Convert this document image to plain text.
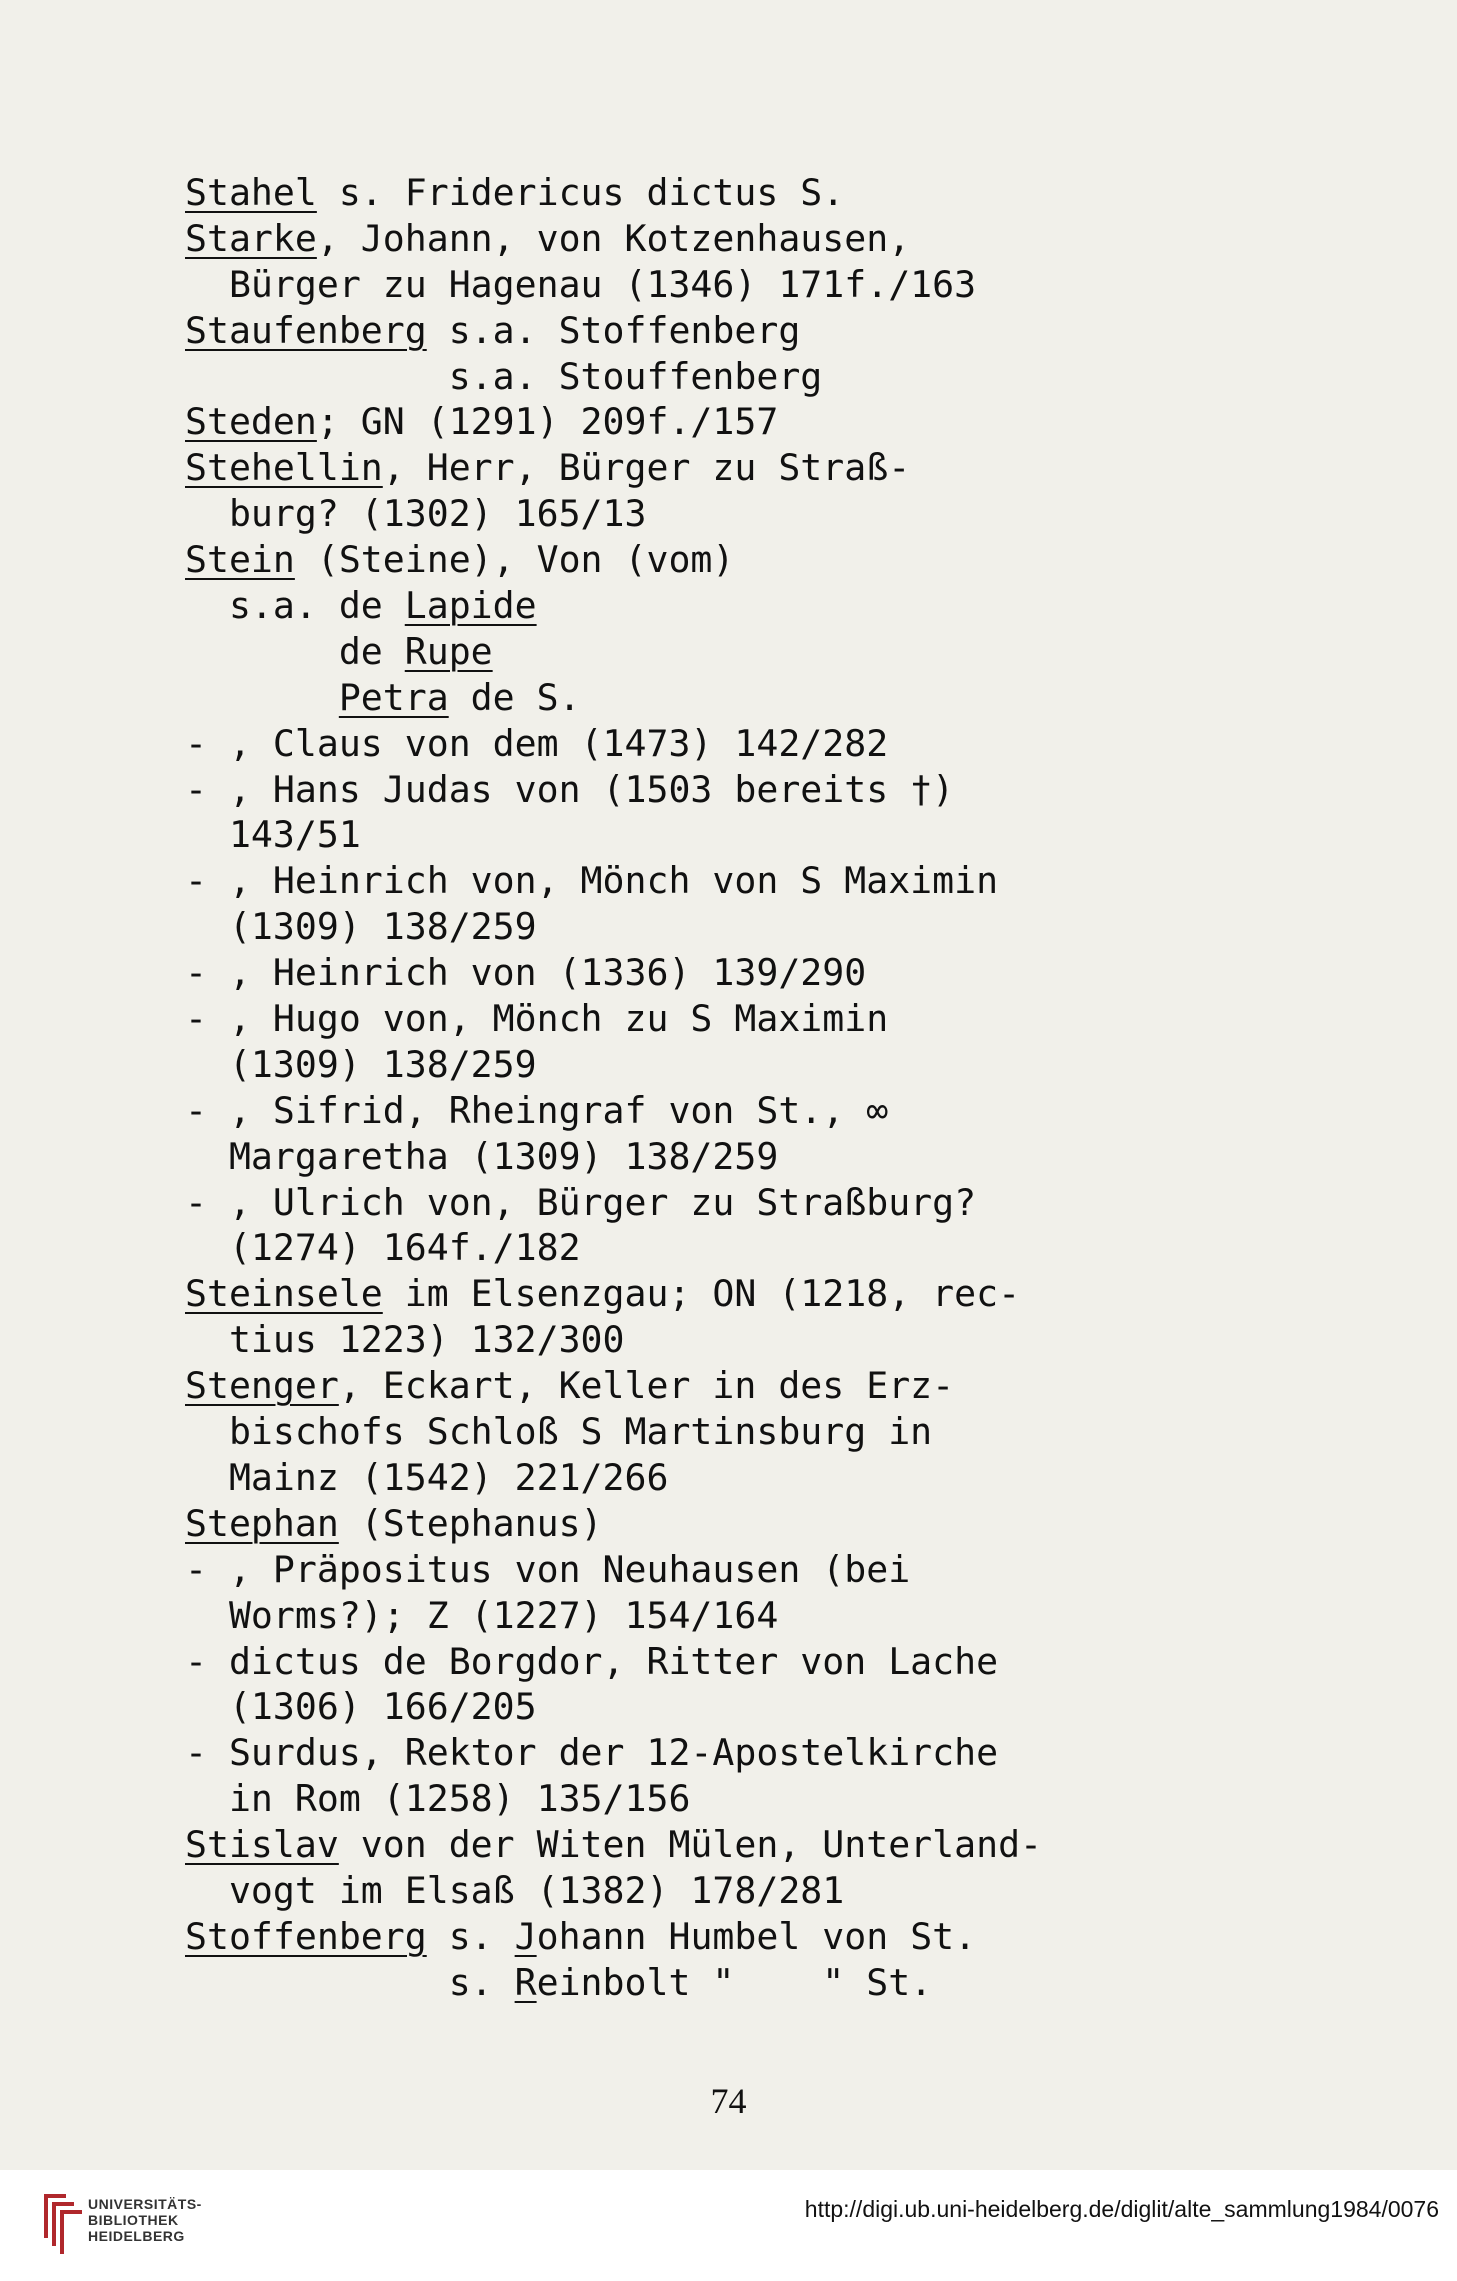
Stahel s. Fridericus dictus S.
Starke, Johann, von Kotzenhausen,
Bürger zu Hagenau (1346) 171f./163
Staufenberg s.a. Stoffenberg
s.a. Stouffenberg
Steden; GN (1291) 209f./157
Stehellin, Herr, Bürger zu Straß-
burg? (1302) 165/13
Stein (Steine), Von (vom)
s.a. de Lapide
de Rupe
Petra de S.
- , Claus von dem (1473) 142/282
- , Hans Judas von (1503 bereits †)
143/51
- , Heinrich von, Mönch von S Maximin
(1309) 138/259
- , Heinrich von (1336) 139/290
- , Hugo von, Mönch zu S Maximin
(1309) 138/259
- , Sifrid, Rheingraf von St., ∞
Margaretha (1309) 138/259
- , Ulrich von, Bürger zu Straßburg?
(1274) 164f./182
Steinsele im Elsenzgau; ON (1218, rec-
tius 1223) 132/300
Stenger, Eckart, Keller in des Erz-
bischofs Schloß S Martinsburg in
Mainz (1542) 221/266
Stephan (Stephanus)
- , Präpositus von Neuhausen (bei
Worms?); Z (1227) 154/164
- dictus de Borgdor, Ritter von Lache
(1306) 166/205
- Surdus, Rektor der 12-Apostelkirche
in Rom (1258) 135/156
Stislav von der Witen Mülen, Unterland-
vogt im Elsaß (1382) 178/281
Stoffenberg s. Johann Humbel von St.
s. Reinbolt "    " St.
74
UNIVERSITÄTS-
BIBLIOTHEK
HEIDELBERG
http://digi.ub.uni-heidelberg.de/diglit/alte_sammlung1984/0076
